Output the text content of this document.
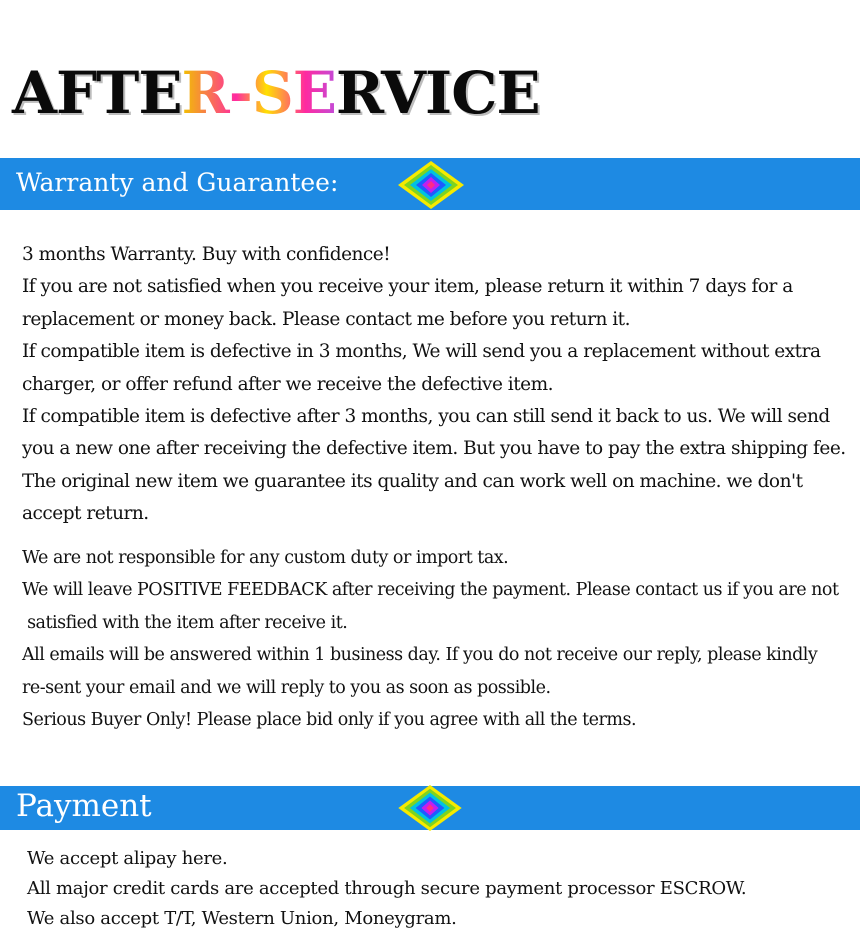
AFTER-SERVICE
Warranty and Guarantee:
3 months Warranty. Buy with confidence!
If you are not satisfied when you receive your item, please return it within 7 days for a
replacement or money back. Please contact me before you return it.
If compatible item is defective in 3 months, We will send you a replacement without extra
charger, or offer refund after we receive the defective item.
If compatible item is defective after 3 months, you can still send it back to us. We will send
you a new one after receiving the defective item. But you have to pay the extra shipping fee.
The original new item we guarantee its quality and can work well on machine. we don't
accept return.
We are not responsible for any custom duty or import tax.
We will leave POSITIVE FEEDBACK after receiving the payment. Please contact us if you are not
satisfied with the item after receive it.
All emails will be answered within 1 business day. If you do not receive our reply, please kindly
re-sent your email and we will reply to you as soon as possible.
Serious Buyer Only! Please place bid only if you agree with all the terms.
Payment
We accept alipay here.
All major credit cards are accepted through secure payment processor ESCROW.
We also accept T/T, Western Union, Moneygram.
